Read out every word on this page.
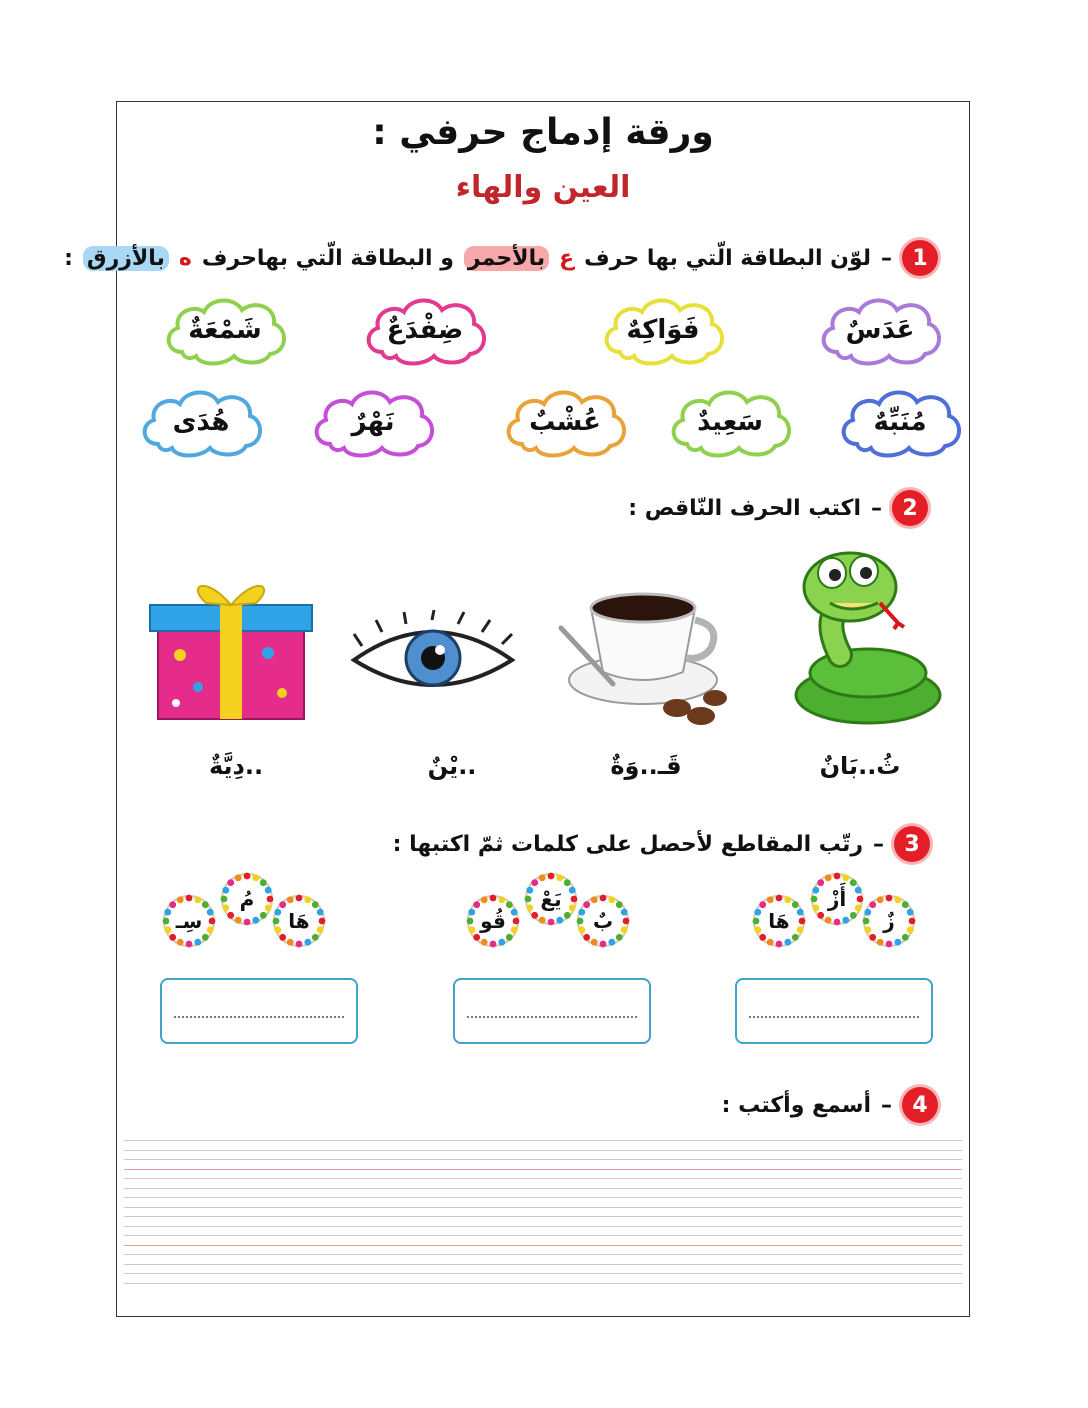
ورقة إدماج حرفي :
العين والهاء
1
–
لوّن البطاقة الّتي بها حرف
ع
بالأحمر
و البطاقة الّتي بهاحرف
ه
بالأزرق
:
عَدَسٌ
فَوَاكِهٌ
ضِفْدَعٌ
شَمْعَةٌ
مُنَبِّهٌ
سَعِيدٌ
عُشْبٌ
نَهْرٌ
هُدَى
2
–
اكتب الحرف النّاقص :
ثُ..بَانٌ
قَـ..وَةٌ
..يْنٌ
..دِيَّةٌ
3
–
رتّب المقاطع لأحصل على كلمات ثمّ اكتبها :
زٌ
أَزْ
هَا
بٌ
يَعْ
قُو
هَا
مُ
سِـ
4
–
أسمع وأكتب :
